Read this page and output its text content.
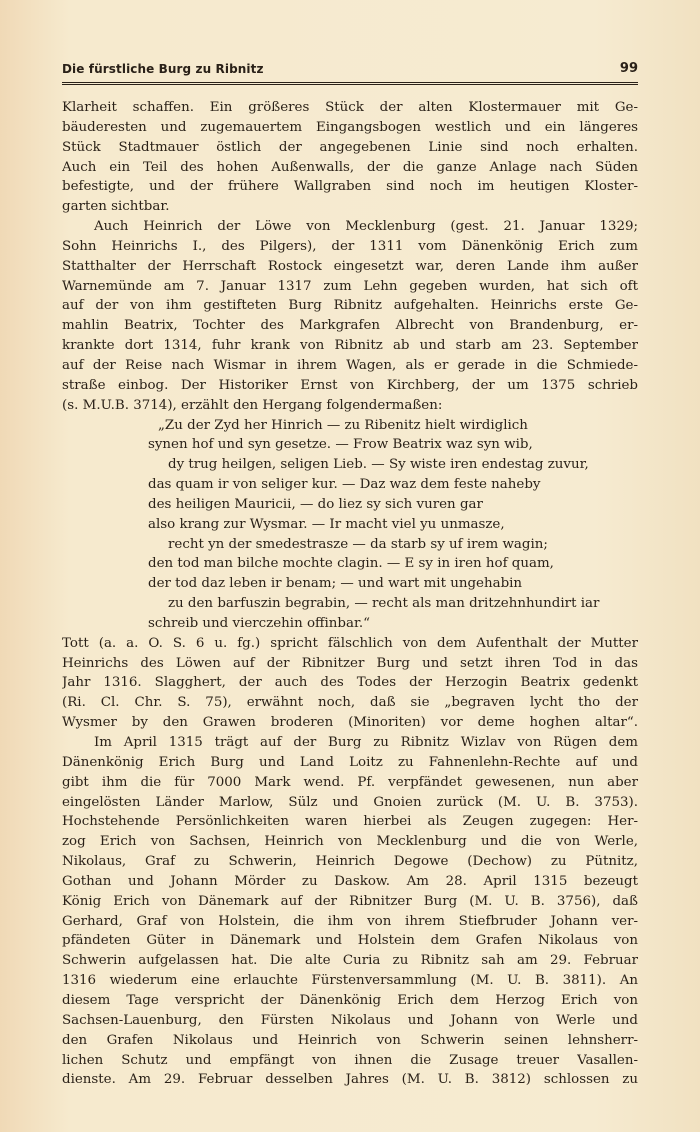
Die fürstliche Burg zu Ribnitz	99
Klarheit schaffen. Ein größeres Stück der alten Klostermauer mit Ge-
bäuderesten und zugemauertem Eingangsbogen westlich und ein längeres
Stück Stadtmauer östlich der angegebenen Linie sind noch erhalten.
Auch ein Teil des hohen Außenwalls, der die ganze Anlage nach Süden
befestigte, und der frühere Wallgraben sind noch im heutigen Kloster-
garten sichtbar.
Auch Heinrich der Löwe von Mecklenburg (gest. 21. Januar 1329;
Sohn Heinrichs I., des Pilgers), der 1311 vom Dänenkönig Erich zum
Statthalter der Herrschaft Rostock eingesetzt war, deren Lande ihm außer
Warnemünde am 7. Januar 1317 zum Lehn gegeben wurden, hat sich oft
auf der von ihm gestifteten Burg Ribnitz aufgehalten. Heinrichs erste Ge-
mahlin Beatrix, Tochter des Markgrafen Albrecht von Brandenburg, er-
krankte dort 1314, fuhr krank von Ribnitz ab und starb am 23. September
auf der Reise nach Wismar in ihrem Wagen, als er gerade in die Schmiede-
straße einbog. Der Historiker Ernst von Kirchberg, der um 1375 schrieb
(s. M.U.B. 3714), erzählt den Hergang folgendermaßen:
„Zu der Zyd her Hinrich — zu Ribenitz hielt wirdiglich
synen hof und syn gesetze. — Frow Beatrix waz syn wib,
dy trug heilgen, seligen Lieb. — Sy wiste iren endestag zuvur,
das quam ir von seliger kur. — Daz waz dem feste naheby
des heiligen Mauricii, — do liez sy sich vuren gar
also krang zur Wysmar. — Ir macht viel yu unmasze,
recht yn der smedestrasze — da starb sy uf irem wagin;
den tod man bilche mochte clagin. — E sy in iren hof quam,
der tod daz leben ir benam; — und wart mit ungehabin
zu den barfuszin begrabin, — recht als man dritzehnhundirt iar
schreib und vierczehin offinbar.“
Tott (a. a. O. S. 6 u. fg.) spricht fälschlich von dem Aufenthalt der Mutter
Heinrichs des Löwen auf der Ribnitzer Burg und setzt ihren Tod in das
Jahr 1316. Slagghert, der auch des Todes der Herzogin Beatrix gedenkt
(Ri. Cl. Chr. S. 75), erwähnt noch, daß sie „begraven lycht tho der
Wysmer by den Grawen broderen (Minoriten) vor deme hoghen altar“.
Im April 1315 trägt auf der Burg zu Ribnitz Wizlav von Rügen dem
Dänenkönig Erich Burg und Land Loitz zu Fahnenlehn-Rechte auf und
gibt ihm die für 7000 Mark wend. Pf. verpfändet gewesenen, nun aber
eingelösten Länder Marlow, Sülz und Gnoien zurück (M. U. B. 3753).
Hochstehende Persönlichkeiten waren hierbei als Zeugen zugegen: Her-
zog Erich von Sachsen, Heinrich von Mecklenburg und die von Werle,
Nikolaus, Graf zu Schwerin, Heinrich Degowe (Dechow) zu Pütnitz,
Gothan und Johann Mörder zu Daskow. Am 28. April 1315 bezeugt
König Erich von Dänemark auf der Ribnitzer Burg (M. U. B. 3756), daß
Gerhard, Graf von Holstein, die ihm von ihrem Stiefbruder Johann ver-
pfändeten Güter in Dänemark und Holstein dem Grafen Nikolaus von
Schwerin aufgelassen hat. Die alte Curia zu Ribnitz sah am 29. Februar
1316 wiederum eine erlauchte Fürstenversammlung (M. U. B. 3811). An
diesem Tage verspricht der Dänenkönig Erich dem Herzog Erich von
Sachsen-Lauenburg, den Fürsten Nikolaus und Johann von Werle und
den Grafen Nikolaus und Heinrich von Schwerin seinen lehnsherr-
lichen Schutz und empfängt von ihnen die Zusage treuer Vasallen-
dienste. Am 29. Februar desselben Jahres (M. U. B. 3812) schlossen zu
